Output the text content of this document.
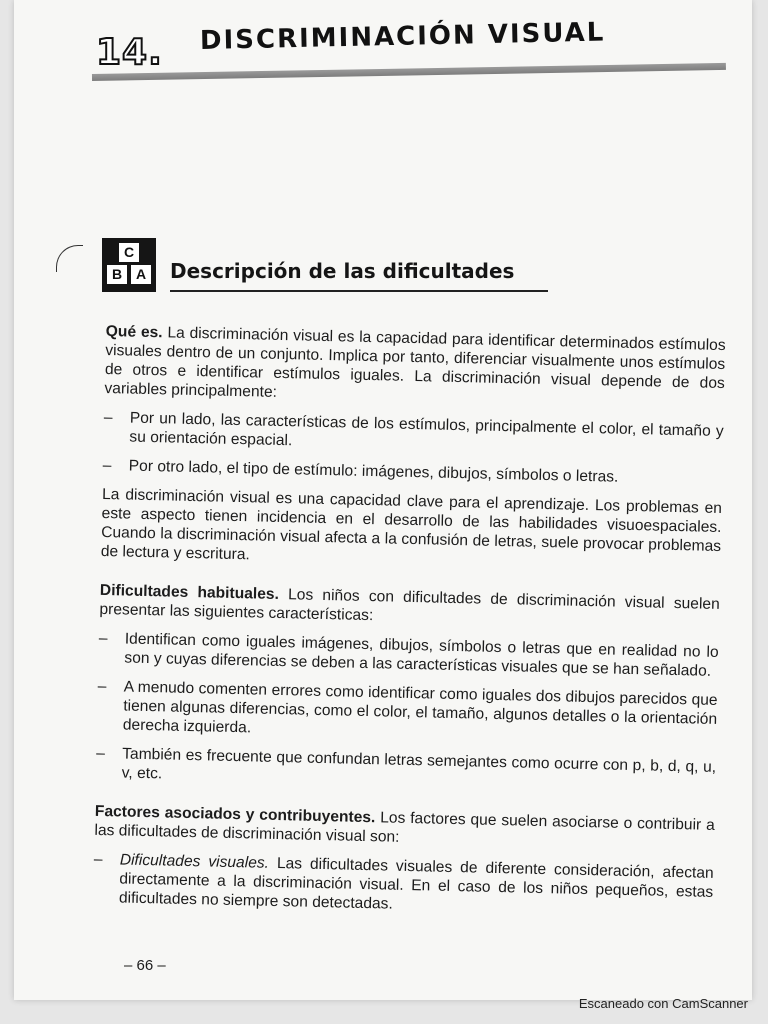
14. DISCRIMINACIÓN VISUAL
C
B A Descripción de las dificultades

Qué es. La discriminación visual es la capacidad para identificar determinados estímulos visuales dentro de un conjunto. Implica por tanto, diferenciar visualmente unos estímulos de otros e identificar estímulos iguales. La discriminación visual depende de dos variables principalmente:

–	Por un lado, las características de los estímulos, principalmente el color, el tamaño y su orientación espacial.
–	Por otro lado, el tipo de estímulo: imágenes, dibujos, símbolos o letras.

La discriminación visual es una capacidad clave para el aprendizaje. Los problemas en este aspecto tienen incidencia en el desarrollo de las habilidades visuoespaciales. Cuando la discriminación visual afecta a la confusión de letras, suele provocar problemas de lectura y escritura.

Dificultades habituales. Los niños con dificultades de discriminación visual suelen presentar las siguientes características:

–	Identifican como iguales imágenes, dibujos, símbolos o letras que en realidad no lo son y cuyas diferencias se deben a las características visuales que se han señalado.
–	A menudo comenten errores como identificar como iguales dos dibujos parecidos que tienen algunas diferencias, como el color, el tamaño, algunos detalles o la orientación derecha izquierda.
–	También es frecuente que confundan letras semejantes como ocurre con p, b, d, q, u, v, etc.

Factores asociados y contribuyentes. Los factores que suelen asociarse o contribuir a las dificultades de discriminación visual son:

–	Dificultades visuales. Las dificultades visuales de diferente consideración, afectan directamente a la discriminación visual. En el caso de los niños pequeños, estas dificultades no siempre son detectadas.
– 66 –
Escaneado con CamScanner
